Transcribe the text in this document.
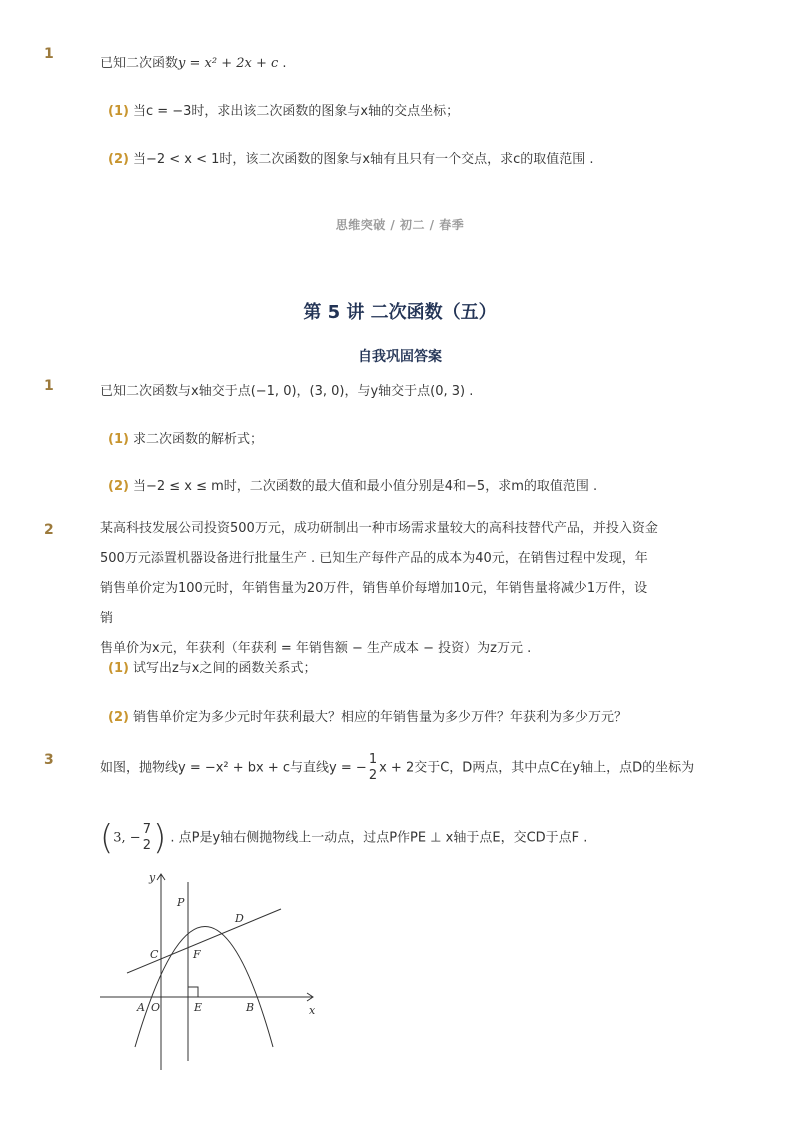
1
已知二次函数y = x² + 2x + c .
(1) 当c = −3时，求出该二次函数的图象与x轴的交点坐标；
(2) 当−2 < x < 1时，该二次函数的图象与x轴有且只有一个交点，求c的取值范围 .
思维突破 / 初二 / 春季
第 5 讲 二次函数（五）
自我巩固答案
1	已知二次函数与x轴交于点(−1, 0)，(3, 0)，与y轴交于点(0, 3) .
(1) 求二次函数的解析式；
(2) 当−2 ≤ x ≤ m时，二次函数的最大值和最小值分别是4和−5，求m的取值范围 .
2	某高科技发展公司投资500万元，成功研制出一种市场需求量较大的高科技替代产品，并投入资金
500万元添置机器设备进行批量生产 . 已知生产每件产品的成本为40元，在销售过程中发现，年
销售单价定为100元时，年销售量为20万件，销售单价每增加10元，年销售量将减少1万件，设销
售单价为x元，年获利（年获利 = 年销售额 − 生产成本 − 投资）为z万元 .
(1) 试写出z与x之间的函数关系式；
(2) 销售单价定为多少元时年获利最大？相应的年销售量为多少万件？年获利为多少万元？
3	如图，抛物线y = −x² + bx + c与直线y = −
1
2 x + 2交于C，D两点，其中点C在y轴上，点D的坐标为
(3, −
7
2 ) . 点P是y轴右侧抛物线上一动点，过点P作PE ⊥ x轴于点E，交CD于点F .
y
x
P
D
C	F
A O	E	B
